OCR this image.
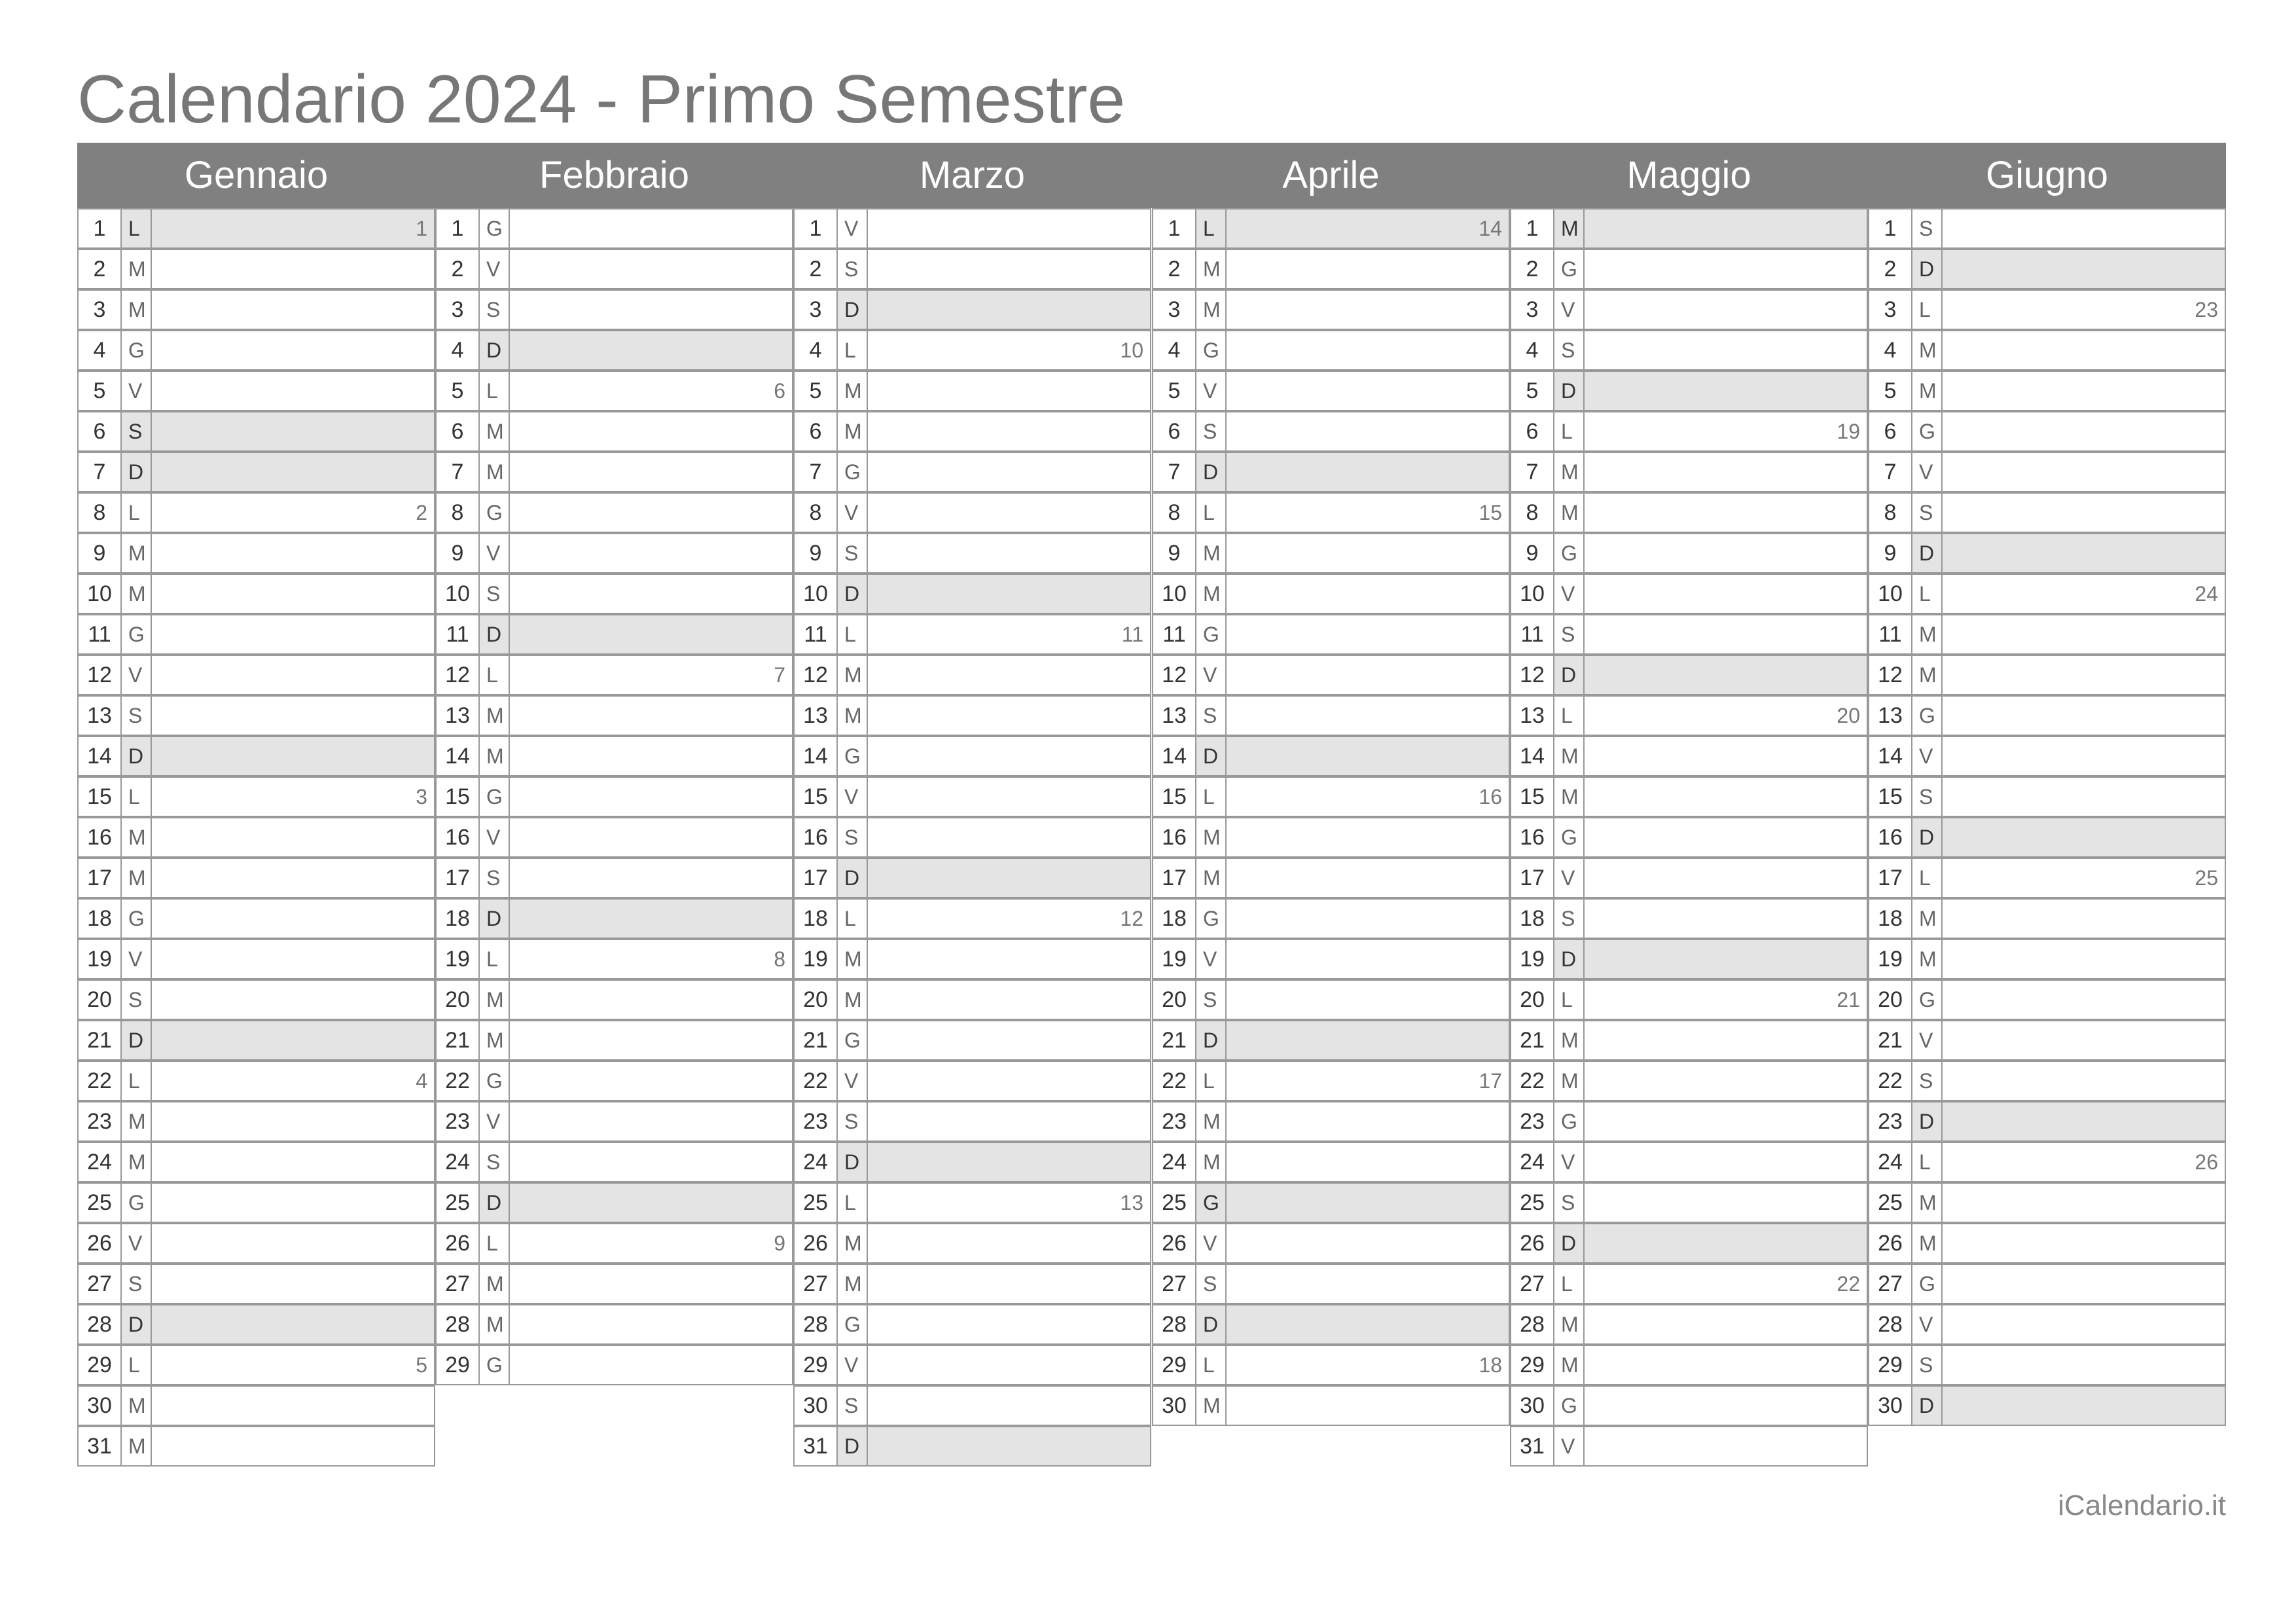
Calendario 2024 - Primo Semestre
Gennaio	Febbraio	Marzo	Aprile	Maggio	Giugno
1	L	1
2	M
3	M
4	G
5	V
6	S
7	D
8	L	2
9	M
10 M
11 G
12 V
13 S
14 D
15 L	3
16 M
17 M
18 G
19 V
20 S
21 D
22 L	4
23 M
24 M
25 G
26 V
27 S
28 D
29 L	5
30 M
31 M
1	G
2	V
3	S
4	D
5	L	6
6	M
7	M
8	G
9	V
10 S
11 D
12 L	7
13 M
14 M
15 G
16 V
17 S
18 D
19 L	8
20 M
21 M
22 G
23 V
24 S
25 D
26 L	9
27 M
28 M
29 G
1	V
2	S
3	D
4	L	10
5	M
6	M
7	G
8	V
9	S
10 D
11 L	11
12 M
13 M
14 G
15 V
16 S
17 D
18 L	12
19 M
20 M
21 G
22 V
23 S
24 D
25 L	13
26 M
27 M
28 G
29 V
30 S
31 D
1	L	14
2	M
3	M
4	G
5	V
6	S
7	D
8	L	15
9	M
10 M
11 G
12 V
13 S
14 D
15 L	16
16 M
17 M
18 G
19 V
20 S
21 D
22 L	17
23 M
24 M
25 G
26 V
27 S
28 D
29 L	18
30 M
1	M
2	G
3	V
4	S
5	D
6	L	19
7	M
8	M
9	G
10 V
11 S
12 D
13 L	20
14 M
15 M
16 G
17 V
18 S
19 D
20 L	21
21 M
22 M
23 G
24 V
25 S
26 D
27 L	22
28 M
29 M
30 G
31 V
1	S
2	D
3	L	23
4	M
5	M
6	G
7	V
8	S
9	D
10 L	24
11 M
12 M
13 G
14 V
15 S
16 D
17 L	25
18 M
19 M
20 G
21 V
22 S
23 D
24 L	26
25 M
26 M
27 G
28 V
29 S
30 D
iCalendario.it
